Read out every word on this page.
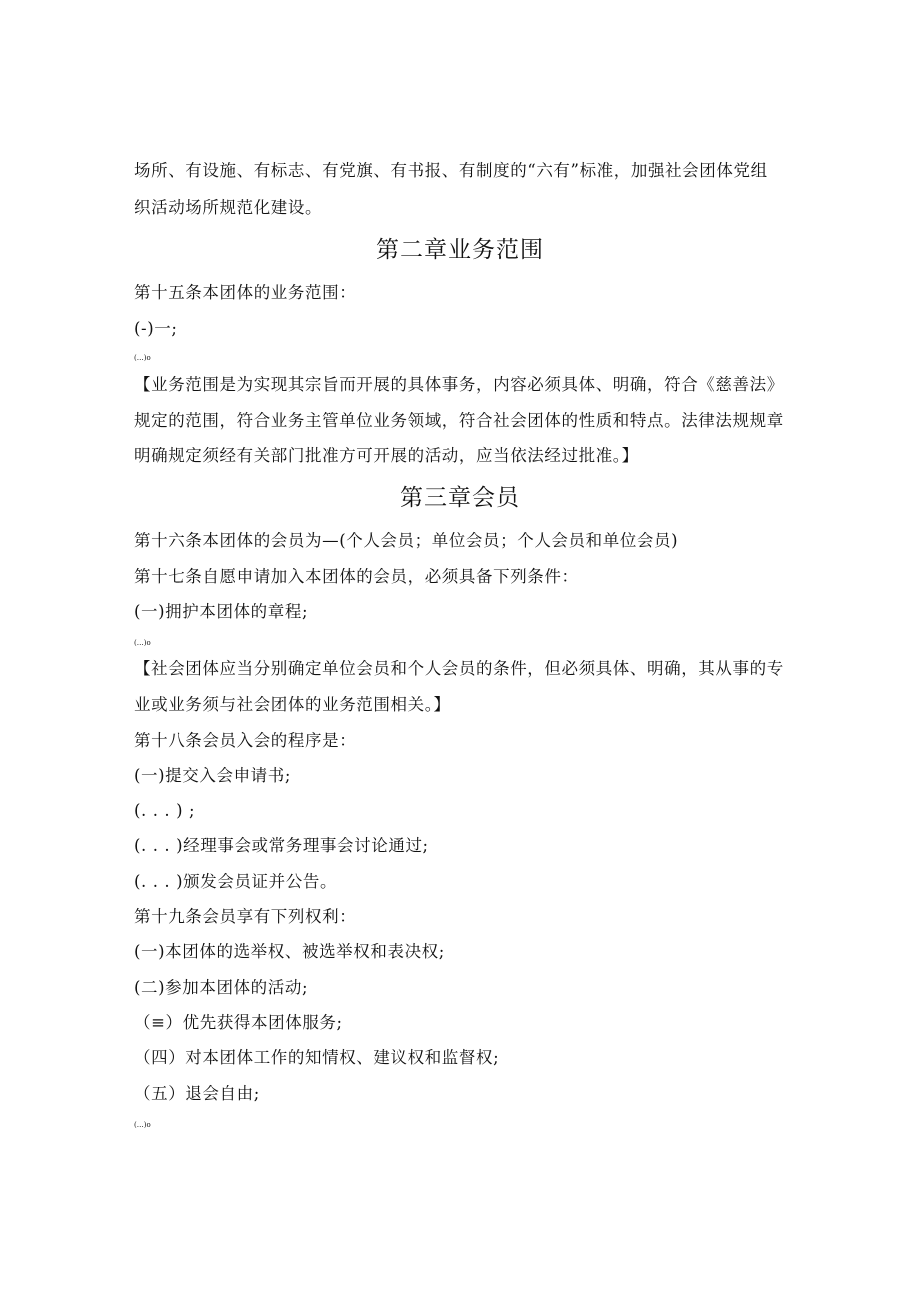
场所、有设施、有标志、有党旗、有书报、有制度的“六有”标准，加强社会团体党组
织活动场所规范化建设。
第二章业务范围
第十五条本团体的业务范围：
(-)一;
(…)o
【业务范围是为实现其宗旨而开展的具体事务，内容必须具体、明确，符合《慈善法》
规定的范围，符合业务主管单位业务领域，符合社会团体的性质和特点。法律法规规章
明确规定须经有关部门批准方可开展的活动，应当依法经过批准。】
第三章会员
第十六条本团体的会员为—(个人会员；单位会员；个人会员和单位会员)
第十七条自愿申请加入本团体的会员，必须具备下列条件：
(一)拥护本团体的章程;
(…)o
【社会团体应当分别确定单位会员和个人会员的条件，但必须具体、明确，其从事的专
业或业务须与社会团体的业务范围相关。】
第十八条会员入会的程序是：
(一)提交入会申请书;
(. . . ) ;
(. . . )经理事会或常务理事会讨论通过;
(. . . )颁发会员证并公告。
第十九条会员享有下列权利：
(一)本团体的选举权、被选举权和表决权;
(二)参加本团体的活动;
（≡）优先获得本团体服务;
（四）对本团体工作的知情权、建议权和监督权;
（五）退会自由;
(…)o
